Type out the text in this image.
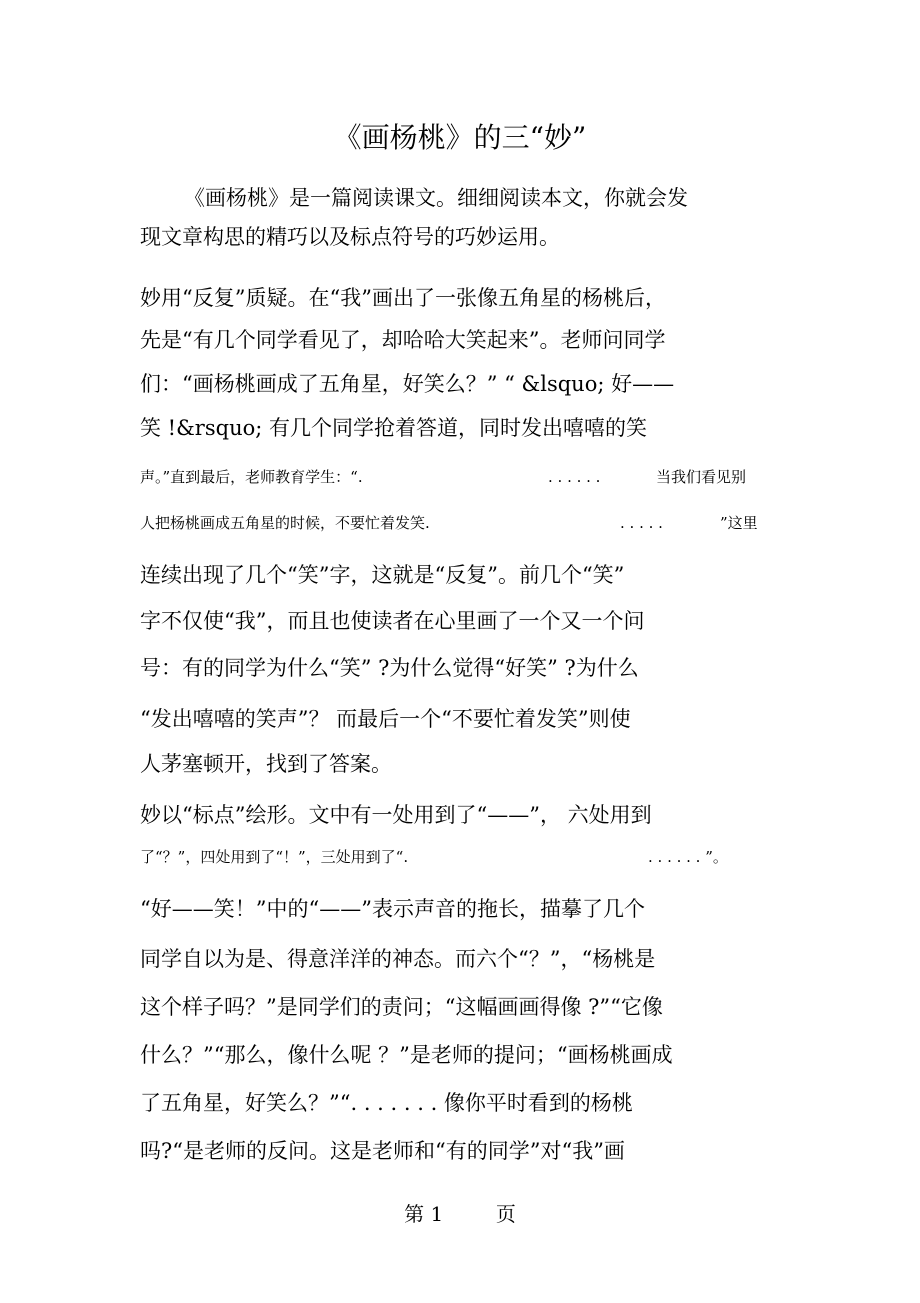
《画杨桃》的三“妙”
《画杨桃》是一篇阅读课文。细细阅读本文，你就会发
现文章构思的精巧以及标点符号的巧妙运用。
妙用“反复”质疑。在“我”画出了一张像五角星的杨桃后，
先是“有几个同学看见了，却哈哈大笑起来”。老师问同学
们：“画杨桃画成了五角星，好笑么？” “ &lsquo; 好——
笑 !&rsquo; 有几个同学抢着答道，同时发出嘻嘻的笑
声。”直到最后，老师教育学生：“.	. . . . . .	当我们看见别
人把杨桃画成五角星的时候，不要忙着发笑.	. . . . .	”这里
连续出现了几个“笑”字，这就是“反复”。前几个“笑”
字不仅使“我”，而且也使读者在心里画了一个又一个问
号：有的同学为什么“笑” ?为什么觉得“好笑” ?为什么
“发出嘻嘻的笑声”？ 而最后一个“不要忙着发笑”则使
人茅塞顿开，找到了答案。
妙以“标点”绘形。文中有一处用到了“——”， 六处用到
了“？”，四处用到了“！”，三处用到了“.	. . . . . . ”。
“好——笑！”中的“——”表示声音的拖长，描摹了几个
同学自以为是、得意洋洋的神态。而六个“？”，“杨桃是
这个样子吗？”是同学们的责问；“这幅画画得像 ?”“它像
什么？”“那么，像什么呢 ？”是老师的提问；“画杨桃画成
了五角星，好笑么？”“. . . . . . . 像你平时看到的杨桃
吗?“是老师的反问。这是老师和“有的同学”对“我”画
第 1	页
